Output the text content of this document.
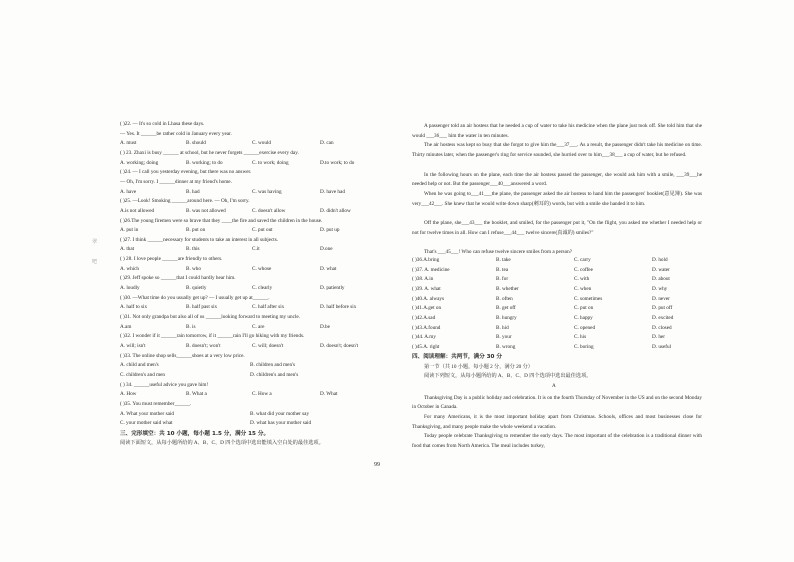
翠
吧
( )22. — It's so cold in Lhasa these days.
— Yes. It ______be rather cold in January every year.
A. must	B. should	C. would	D. can
( ) 23. Zhaxi is busy ______ at school, but he never forgets ______exercise every day.
A. working; doing	B. working; to do	C. to work; doing	D.to work; to do
( )24. — I call you yesterday evening, but there was no answer.
— Oh, I'm sorry. I ______dinner at my friend's home.
A. have	B. had	C. was having	D. have had
( )25. —Look! Smoking ______around here. — Oh, I'm sorry.
A.is not allowed	B. was not allowed	C. doesn't allow	D. didn't allow
( )26.The young firemen were so brave that they ____the fire and saved the children in the house.
A. put in	B. put on	C. put out	D. put up
( )27. I think ______necessary for students to take an interest in all subjects.
A. that	B. this	C.it	D.one
( ) 28. I love people ______are friendly to others.
A. which	B. who	C. whose	D. what
( )29. Jeff spoke so ______that I could hardly hear him.
A. loudly	B. quietly	C. clearly	D. patiently
( )30. —What time do you usually get up? — I usually get up at______.
A. half to six	B. half past six	C. half after six	D. half before six
( )31. Not only grandpa but also all of us ______looking forward to meeting my uncle.
A.am	B. is	C. are	D.be
( )32. I wonder if it ______rain tomorrow, if it ______rain I'll go hiking with my friends.
A. will; isn't	B. doesn't; won't	C. will; doesn't	D. doesn't; doesn't
( )33. The online shop sells______shoes at a very low price.
A. child and men's	B. children and men's
C. children's and men	D. children's and men's
( ) 34. ______useful advice you gave him!
A. How	B. What a	C. How a	D. What
( )35. You must remember______.
A. What your mother said	B. what did your mother say
C. your mother said what	D. what has your mother said
三、完形填空：共 10 小题，每小题 1.5 分，满分 15 分。
阅读下面短文，从每小题所给的 A、B、C、D 四个选项中选出能填入空白处的最佳选项。
A passenger told an air hostess that he needed a cup of water to take his medicine when the plane just took off. She told him that she would ___36___ him the water in ten minutes.
The air hostess was kept so busy that she forgot to give him the___37___. As a result, the passenger didn't take his medicine on time. Thirty minutes later, when the passenger's ring for service sounded, she hurried over to him___38___ a cup of water, but he refused.
In the following hours on the plane, each time the air hostess passed the passenger, she would ask him with a smile, ___39___he needed help or not. But the passenger___40___answered a word.
When he was going to___41___the plane, the passenger asked the air hostess to hand him the passengers' booklet(意见簿). She was very___42___. She knew that he would write down sharp(刺耳的) words, but with a smile she handed it to him.
Off the plane, she___43___ the booklet, and smiled, for the passenger put it, "On the flight, you asked me whether I needed help or not for twelve times in all. How can I refuse___44___ twelve sincere(真诚的) smiles?"
That's ___45___! Who can refuse twelve sincere smiles from a person?
( )36.A.bring	B. take	C. carry	D. hold
( )37. A. medicine	B. tea	C. coffee	D. water
( )38. A.in	B. for	C. with	D. about
( )39. A. what	B. whether	C. when	D. why
( )40.A. always	B. often	C. sometimes	D. never
( )41.A.get on	B. get off	C. put on	D. put off
( )42.A.sad	B. hungry	C. happy	D. excited
( )43.A.found	B. hid	C. opened	D. closed
( )44. A.my	B. your	C. his	D. her
( )45.A. right	B. wrong	C. boring	D. useful
四、阅读理解：共两节，满分 30 分
第一节（共 10 小题，每小题 2 分，满分 20 分）
阅读下列短文，从每小题所给的 A、B、C、D 四个选项中选出最佳选项。
A
Thanksgiving Day is a public holiday and celebration. It is on the fourth Thursday of November in the US and on the second Monday in October in Canada.
For many Americans, it is the most important holiday apart from Christmas. Schools, offices and most businesses close for Thanksgiving, and many people make the whole weekend a vacation.
Today people celebrate Thanksgiving to remember the early days. The most important of the celebration is a traditional dinner with food that comes from North America. The meal includes turkey,
99
